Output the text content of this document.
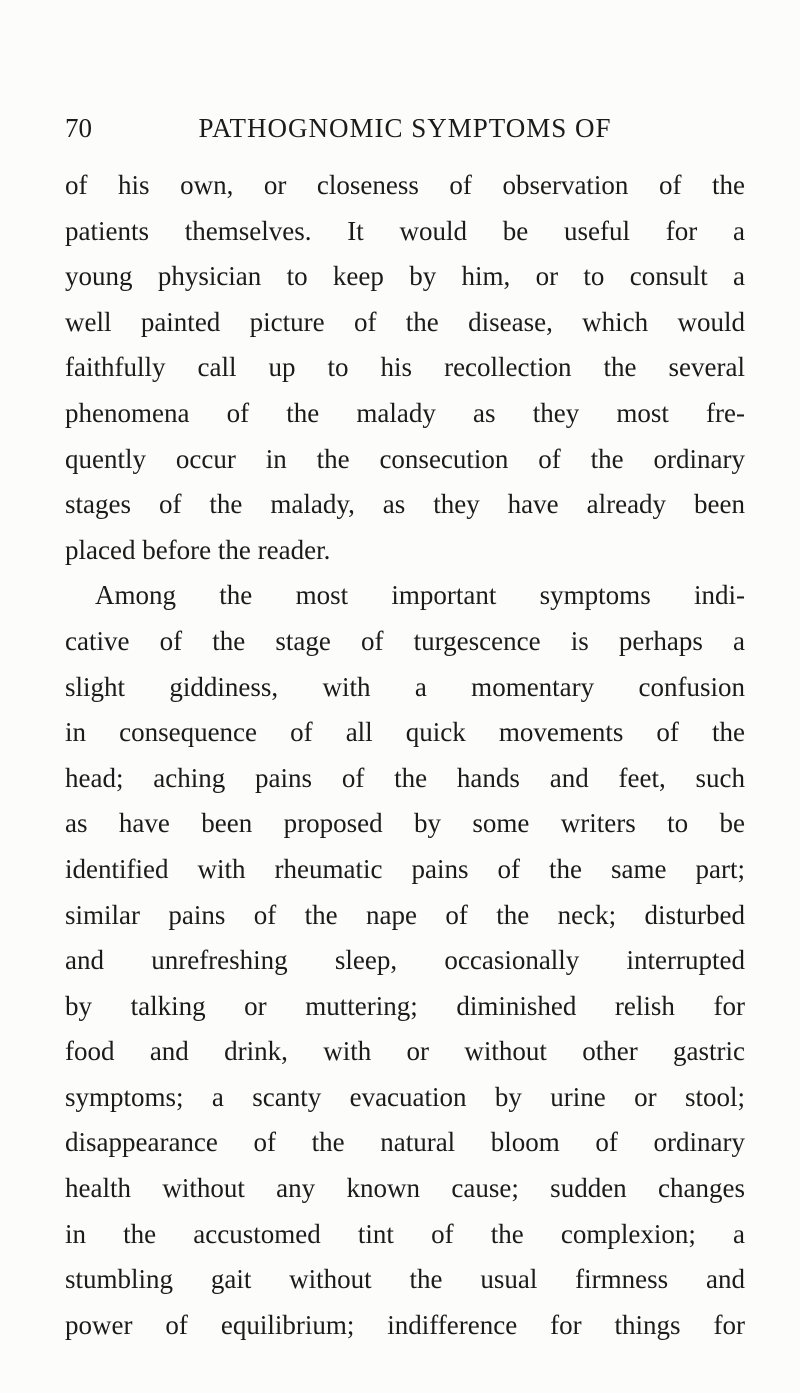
70	PATHOGNOMIC SYMPTOMS OF
of his own, or closeness of observation of the
patients themselves. It would be useful for a
young physician to keep by him, or to consult a
well painted picture of the disease, which would
faithfully call up to his recollection the several
phenomena of the malady as they most fre-
quently occur in the consecution of the ordinary
stages of the malady, as they have already been
placed before the reader.
Among the most important symptoms indi-
cative of the stage of turgescence is perhaps a
slight giddiness, with a momentary confusion
in consequence of all quick movements of the
head; aching pains of the hands and feet, such
as have been proposed by some writers to be
identified with rheumatic pains of the same part;
similar pains of the nape of the neck; disturbed
and unrefreshing sleep, occasionally interrupted
by talking or muttering; diminished relish for
food and drink, with or without other gastric
symptoms; a scanty evacuation by urine or stool;
disappearance of the natural bloom of ordinary
health without any known cause; sudden changes
in the accustomed tint of the complexion; a
stumbling gait without the usual firmness and
power of equilibrium; indifference for things for
